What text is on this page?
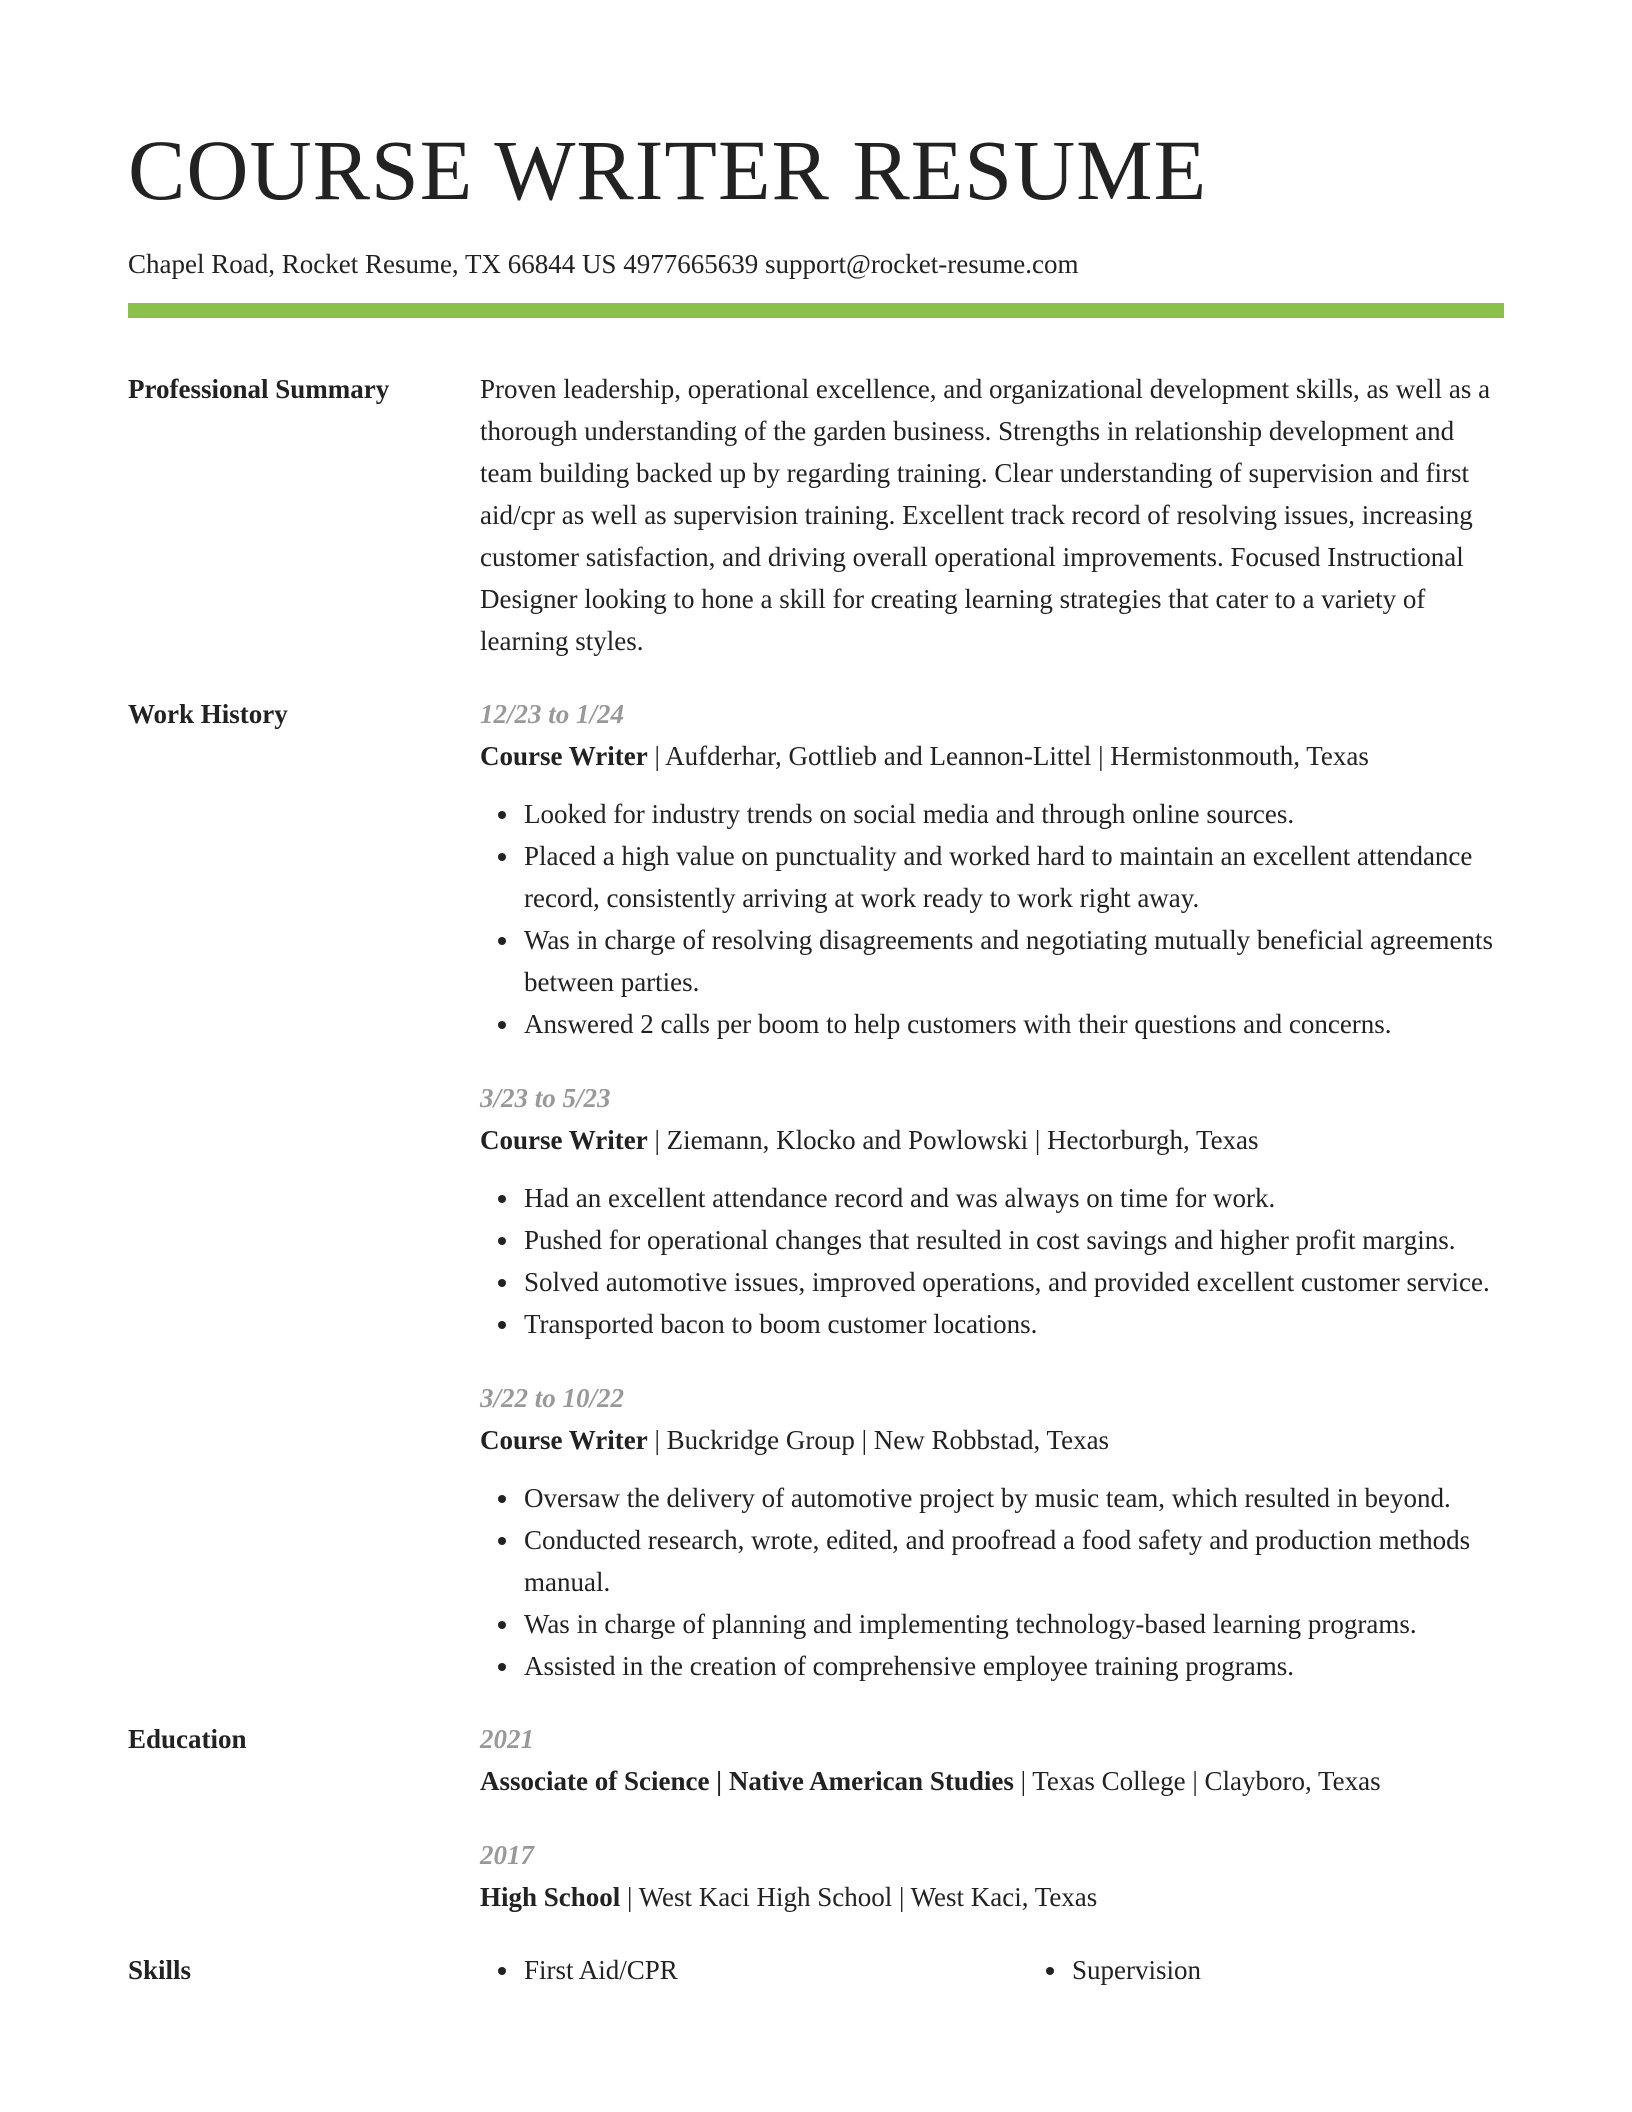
COURSE WRITER RESUME
Chapel Road, Rocket Resume, TX 66844 US 4977665639 support@rocket-resume.com
Professional Summary	Proven leadership, operational excellence, and organizational development skills, as well as a thorough understanding of the garden business. Strengths in relationship development and team building backed up by regarding training. Clear understanding of supervision and first aid/cpr as well as supervision training. Excellent track record of resolving issues, increasing customer satisfaction, and driving overall operational improvements. Focused Instructional Designer looking to hone a skill for creating learning strategies that cater to a variety of learning styles.

Work History	12/23 to 1/24
Course Writer | Aufderhar, Gottlieb and Leannon-Littel | Hermistonmouth, Texas
Looked for industry trends on social media and through online sources.
Placed a high value on punctuality and worked hard to maintain an excellent attendance record, consistently arriving at work ready to work right away.
Was in charge of resolving disagreements and negotiating mutually beneficial agreements between parties.
Answered 2 calls per boom to help customers with their questions and concerns.
3/23 to 5/23
Course Writer | Ziemann, Klocko and Powlowski | Hectorburgh, Texas
Had an excellent attendance record and was always on time for work.
Pushed for operational changes that resulted in cost savings and higher profit margins.
Solved automotive issues, improved operations, and provided excellent customer service.
Transported bacon to boom customer locations.
3/22 to 10/22
Course Writer | Buckridge Group | New Robbstad, Texas
Oversaw the delivery of automotive project by music team, which resulted in beyond.
Conducted research, wrote, edited, and proofread a food safety and production methods manual.
Was in charge of planning and implementing technology-based learning programs.
Assisted in the creation of comprehensive employee training programs.
Education	2021
Associate of Science | Native American Studies | Texas College | Clayboro, Texas
2017
High School | West Kaci High School | West Kaci, Texas
Skills	First Aid/CPR	Supervision
